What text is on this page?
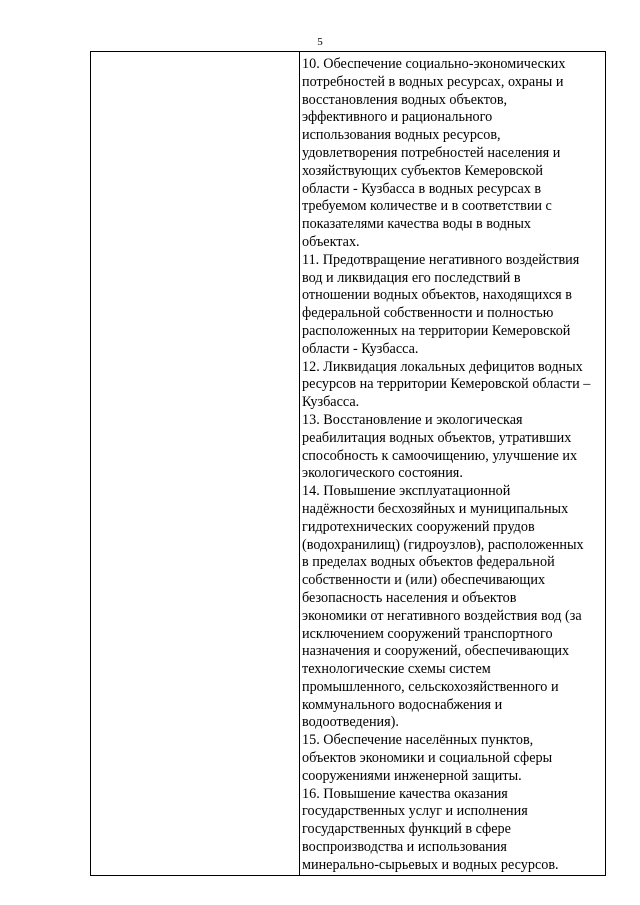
5

10. Обеспечение социально-экономических
потребностей в водных ресурсах, охраны и
восстановления водных объектов,
эффективного и рационального
использования водных ресурсов,
удовлетворения потребностей населения и
хозяйствующих субъектов Кемеровской
области - Кузбасса в водных ресурсах в
требуемом количестве и в соответствии с
показателями качества воды в водных
объектах.

11. Предотвращение негативного воздействия
вод и ликвидация его последствий в
отношении водных объектов, находящихся в
федеральной собственности и полностью
расположенных на территории Кемеровской
области - Кузбасса.

12. Ликвидация локальных дефицитов водных
ресурсов на территории Кемеровской области –
Кузбасса.

13. Восстановление и экологическая
реабилитация водных объектов, утративших
способность к самоочищению, улучшение их
экологического состояния.

14. Повышение эксплуатационной
надёжности бесхозяйных и муниципальных
гидротехнических сооружений прудов
(водохранилищ) (гидроузлов), расположенных
в пределах водных объектов федеральной
собственности и (или) обеспечивающих
безопасность населения и объектов
экономики от негативного воздействия вод (за
исключением сооружений транспортного
назначения и сооружений, обеспечивающих
технологические схемы систем
промышленного, сельскохозяйственного и
коммунального водоснабжения и
водоотведения).

15. Обеспечение населённых пунктов,
объектов экономики и социальной сферы
сооружениями инженерной защиты.

16. Повышение качества оказания
государственных услуг и исполнения
государственных функций в сфере
воспроизводства и использования
минерально-сырьевых и водных ресурсов.
